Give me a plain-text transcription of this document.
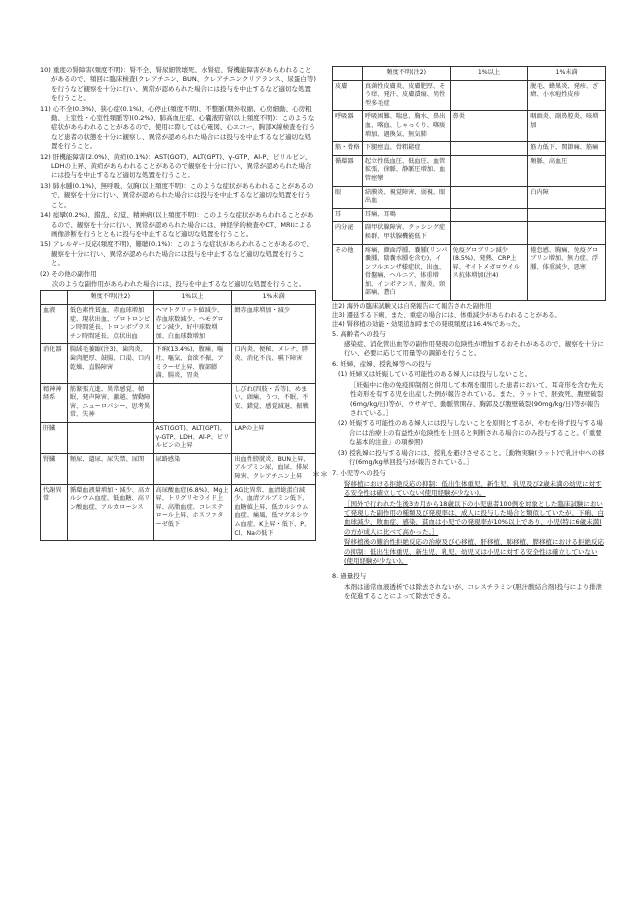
10) 重度の腎障害(頻度不明)：腎不全、腎尿細管壊死、水腎症、腎機能障害があらわれることがあるので、頻回に臨床検査(クレアチニン、BUN、クレアチニンクリアランス、尿蛋白等)を行うなど観察を十分に行い、異常が認められた場合には投与を中止するなど適切な処置を行うこと。

11) 心不全(0.3%)、狭心症(0.1%)、心停止(頻度不明)、不整脈(期外収縮、心房細動、心房粗動、上室性・心室性頻脈等)(0.2%)、肺高血圧症、心嚢液貯留(以上頻度不明)：このような症状があらわれることがあるので、使用に際しては心電図、心エコー、胸部X線検査を行うなど患者の状態を十分に観察し、異常が認められた場合には投与を中止するなど適切な処置を行うこと。

12) 肝機能障害(2.0%)、黄疸(0.1%)：AST(GOT)、ALT(GPT)、γ-GTP、Al-P、ビリルビン、LDHの上昇、黄疸があらわれることがあるので観察を十分に行い、異常が認められた場合には投与を中止するなど適切な処置を行うこと。

13) 肺水腫(0.1%)、無呼吸、気胸(以上頻度不明)：このような症状があらわれることがあるので、観察を十分に行い、異常が認められた場合には投与を中止するなど適切な処置を行うこと。

14) 痙攣(0.2%)、錯乱、幻覚、精神病(以上頻度不明)：このような症状があらわれることがあるので、観察を十分に行い、異常が認められた場合には、神経学的検査やCT、MRIによる画像診断を行うとともに投与を中止するなど適切な処置を行うこと。

15) アレルギー反応(頻度不明)、難聴(0.1%)：このような症状があらわれることがあるので、観察を十分に行い、異常が認められた場合には投与を中止するなど適切な処置を行うこと。

(2) その他の副作用

次のような副作用があらわれた場合には、投与を中止するなど適切な処置を行うこと。

	頻度不明(注2)	1%以上	1%未満
血液	低色素性貧血、赤血球増加症、現状出血、プロトロンビン時間延長、トロンボプラスチン時間延長、点状出血	ヘマトクリット値減少、赤血球数減少、ヘモグロビン減少、好中球数増加、白血球数増加	網赤血球増加・減少
消化器	腸絨毛萎縮(注3)、歯肉炎、歯肉肥厚、鼓腸、口渇、口内乾燥、直腸障害	下痢(13.4%)、腹痛、嘔吐、嘔気、食欲不振、アミラーゼ上昇、腹部膨満、腸炎、胃炎	口内炎、便秘、メレナ、膵炎、消化不良、嚥下障害
精神神経系	筋緊張亢進、異常感覚、傾眠、発声障害、激越、情動障害、ニューロパシー、思考異常、失神		しびれ(四肢・舌等)、めまい、頭痛、うつ、不眠、不安、錯覚、感覚減退、振戦
肝臓		AST(GOT)、ALT(GPT)、γ-GTP、LDH、Al-P、ビリルビンの上昇	LAPの上昇
腎臓	頻尿、遺尿、尿失禁、尿閉	尿路感染	出血性膀胱炎、BUN上昇、アルブミン尿、血尿、排尿障害、クレアチニン上昇
代謝異常	循環血液量増加・減少、高カルシウム血症、低血糖、高リン酸血症、アルカローシス	高尿酸血症(6.8%)、Mg上昇、トリグリセライド上昇、高脂血症、コレステロール上昇、ホスファターゼ低下	AG比異常、血清総蛋白減少、血清アルブミン低下、血糖値上昇、低カルシウム血症、痛風、低マグネシウム血症、K上昇・低下、P、Cl、Naの低下
	頻度不明(注2)	1%以上	1%未満
皮膚	真菌性皮膚炎、皮膚肥厚、そう痒、発汗、皮膚潰瘍、男性型多毛症		脱毛、蜂巣炎、発疹、ざ瘡、小水疱性皮疹
呼吸器	呼吸困難、喘息、胸水、鼻出血、喀血、しゃっくり、喀痰増加、過換気、無気肺	鼻炎	咽頭炎、副鼻腔炎、咳増加
筋・骨格	下腿痙直、骨粗鬆症		筋力低下、関節痛、筋痛
循環器	起立性低血圧、低血圧、血管拡張、徐脈、静脈圧増加、血管痙攣		頻脈、高血圧
眼	結膜炎、視覚障害、弱視、眼出血		白内障
耳	耳痛、耳鳴		
内分泌	副甲状腺障害、クッシング症候群、甲状腺機能低下		
その他	疼痛、顔面浮腫、嚢腫(リンパ嚢腫、陰嚢水腫を含む)、インフルエンザ様症状、出血、骨盤痛、ヘルニア、体重増加、インポテンス、膣炎、頸部痛、蒼白	免疫グロブリン減少(8.5%)、発熱、CRP上昇、サイトメガロウイルス抗体増加(注4)	倦怠感、胸痛、免疫グロブリン増加、無力症、浮腫、体重減少、悪寒

注2) 海外の臨床試験又は自発報告にて報告された副作用

注3) 遷延する下痢、また、重症の場合には、体重減少があらわれることがある。

注4) 腎移植の効能・効果追加時までの発現頻度は16.4%であった。

5. 高齢者への投与

感染症、消化管出血等の副作用発現の危険性が増加するおそれがあるので、観察を十分に行い、必要に応じて用量等の調節を行うこと。

6. 妊婦、産婦、授乳婦等への投与

(1) 妊婦又は妊娠している可能性のある婦人には投与しないこと。

［妊娠中に他の免疫抑制剤と併用して本剤を服用した患者において、耳奇形を含む先天性奇形を有する児を出産した例が報告されている。また、ラットで、胚致死、腹壁破裂(6mg/kg/日)等が、ウサギで、動脈管開存、胸郭及び腹壁破裂(90mg/kg/日)等が報告されている。］

(2) 妊娠する可能性のある婦人には投与しないことを原則とするが、やむを得ず投与する場合には治療上の有益性が危険性を上回ると判断される場合にのみ投与すること。(「重要な基本的注意」の項参照)

(3) 授乳婦に投与する場合には、授乳を避けさせること。［動物実験(ラット)で乳汁中への移行(6mg/kg単回投与)が報告されている。］

＊＊ 7. 小児等への投与

腎移植における拒絶反応の抑制：低出生体重児、新生児、乳児及び2歳未満の幼児に対する安全性は確立していない(使用経験が少ない)。

［国外で行われた生後3カ月から18歳以下の小児患者100例を対象とした臨床試験において発現した副作用の種類及び発現率は、成人に投与した場合と類似していたが、下痢、白血球減少、敗血症、感染、貧血は小児での発現率が10%以上であり、小児(特に6歳未満)の方が成人に比べて高かった。］

腎移植後の難治性拒絶反応の治療及び心移植、肝移植、肺移植、膵移植における拒絶反応の抑制：低出生体重児、新生児、乳児、幼児又は小児に対する安全性は確立していない(使用経験が少ない)。

8. 過量投与

本剤は通常血液透析では除去されないが、コレスチラミン(胆汁酸結合剤)投与により排泄を促進することによって除去できる。
